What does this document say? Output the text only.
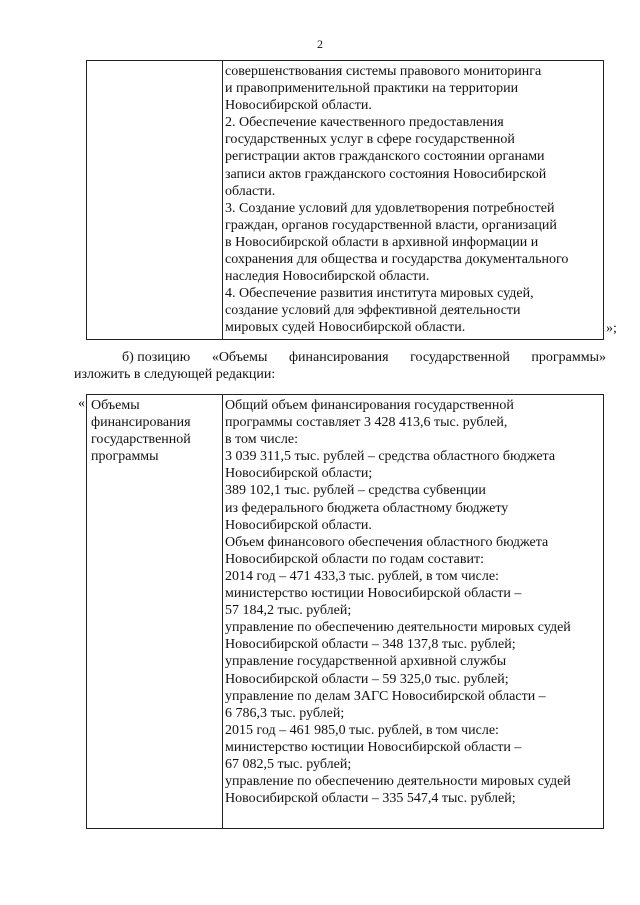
2
совершенствования системы правового мониторинга
и правоприменительной практики на территории
Новосибирской области.
2. Обеспечение качественного предоставления
государственных услуг в сфере государственной
регистрации актов гражданского состоянии органами
записи актов гражданского состояния Новосибирской
области.
3. Создание условий для удовлетворения потребностей
граждан, органов государственной власти, организаций
в Новосибирской области в архивной информации и
сохранения для общества и государства документального
наследия Новосибирской области.
4. Обеспечение развития института мировых судей,
создание условий для эффективной деятельности
мировых судей Новосибирской области.	»;
б) позицию «Объемы финансирования государственной программы»
изложить в следующей редакции:
« Объемы
финансирования
государственной
программы
Общий объем финансирования государственной
программы составляет 3 428 413,6 тыс. рублей,
в том числе:
3 039 311,5 тыс. рублей – средства областного бюджета
Новосибирской области;
389 102,1 тыс. рублей – средства субвенции
из федерального бюджета областному бюджету
Новосибирской области.
Объем финансового обеспечения областного бюджета
Новосибирской области по годам составит:
2014 год – 471 433,3 тыс. рублей, в том числе:
министерство юстиции Новосибирской области –
57 184,2 тыс. рублей;
управление по обеспечению деятельности мировых судей
Новосибирской области – 348 137,8 тыс. рублей;
управление государственной архивной службы
Новосибирской области – 59 325,0 тыс. рублей;
управление по делам ЗАГС Новосибирской области –
6 786,3 тыс. рублей;
2015 год – 461 985,0 тыс. рублей, в том числе:
министерство юстиции Новосибирской области –
67 082,5 тыс. рублей;
управление по обеспечению деятельности мировых судей
Новосибирской области – 335 547,4 тыс. рублей;
